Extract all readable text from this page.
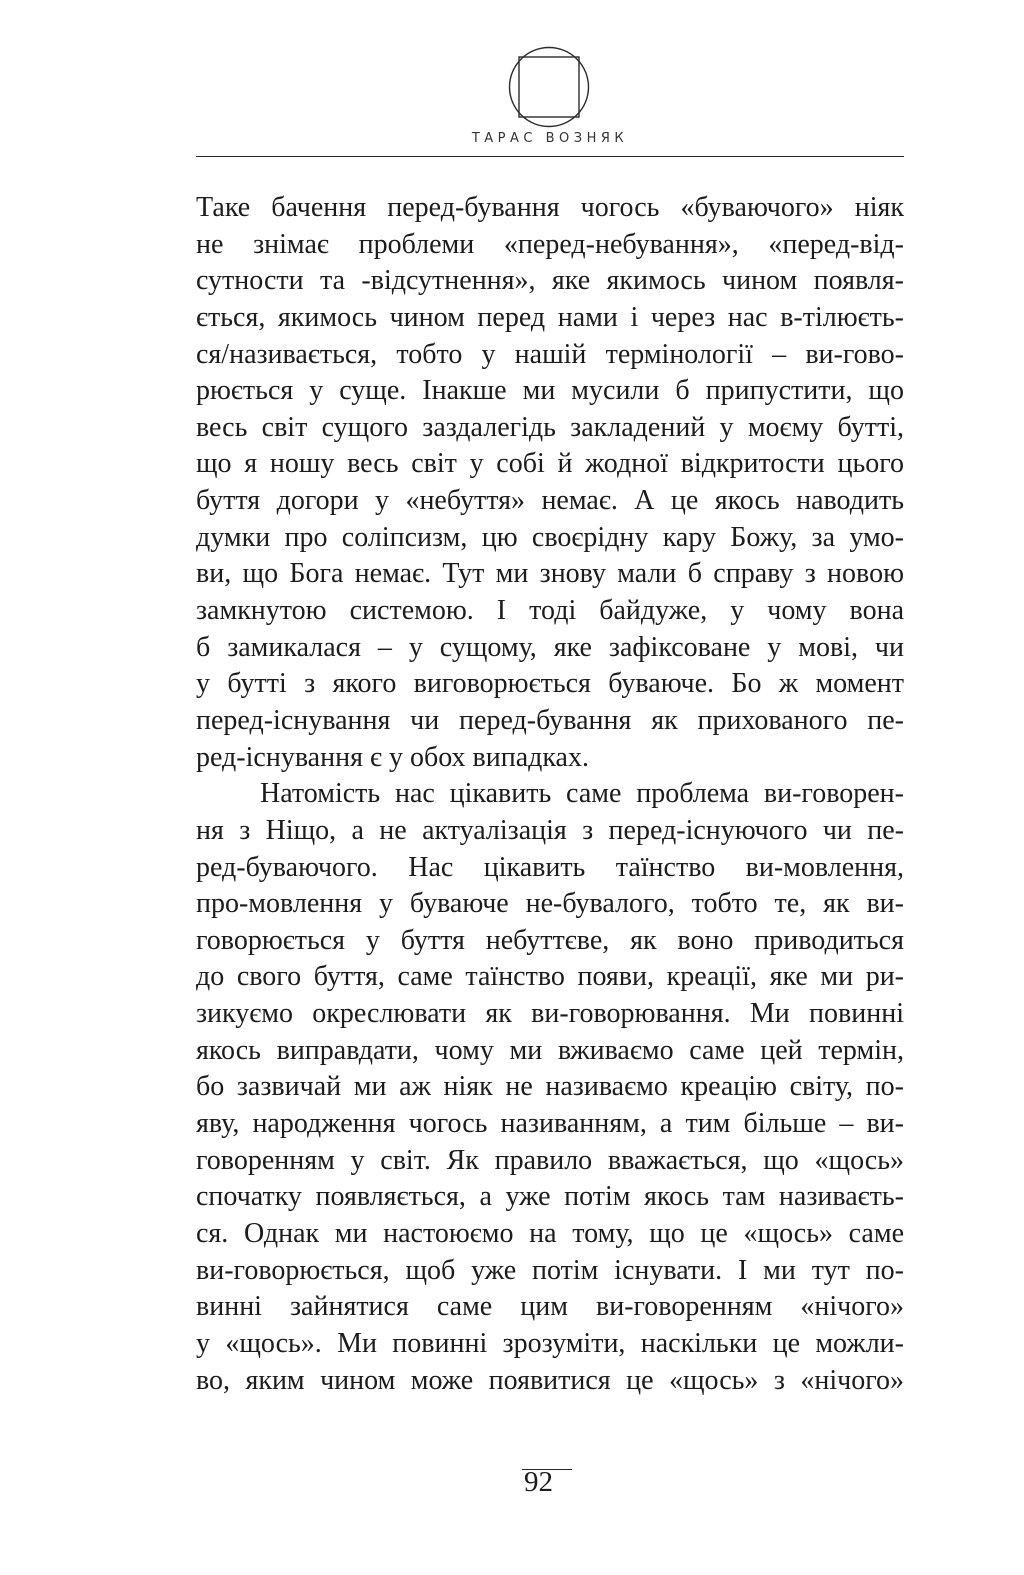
ТАРАС ВОЗНЯК
Таке бачення перед-бування чогось «буваючого» ніяк
не знімає проблеми «перед-небування», «перед-від-
сутности та -відсутнення», яке якимось чином появля-
ється, якимось чином перед нами і через нас в-тілюєть-
ся/називається, тобто у нашій термінології – ви-гово-
рюється у суще. Інакше ми мусили б припустити, що
весь світ сущого заздалегідь закладений у моєму бутті,
що я ношу весь світ у собі й жодної відкритости цього
буття догори у «небуття» немає. А це якось наводить
думки про соліпсизм, цю своєрідну кару Божу, за умо-
ви, що Бога немає. Тут ми знову мали б справу з новою
замкнутою системою. І тоді байдуже, у чому вона
б замикалася – у сущому, яке зафіксоване у мові, чи
у бутті з якого виговорюється буваюче. Бо ж момент
перед-існування чи перед-бування як прихованого пе-
ред-існування є у обох випадках.
Натомість нас цікавить саме проблема ви-говорен-
ня з Ніщо, а не актуалізація з перед-існуючого чи пе-
ред-буваючого. Нас цікавить таїнство ви-мовлення,
про-мовлення у буваюче не-бувалого, тобто те, як ви-
говорюється у буття небуттєве, як воно приводиться
до свого буття, саме таїнство появи, креації, яке ми ри-
зикуємо окреслювати як ви-говорювання. Ми повинні
якось виправдати, чому ми вживаємо саме цей термін,
бо зазвичай ми аж ніяк не називаємо креацію світу, по-
яву, народження чогось називанням, а тим більше – ви-
говоренням у світ. Як правило вважається, що «щось»
спочатку появляється, а уже потім якось там називаєть-
ся. Однак ми настоюємо на тому, що це «щось» саме
ви-говорюється, щоб уже потім існувати. І ми тут по-
винні зайнятися саме цим ви-говоренням «нічого»
у «щось». Ми повинні зрозуміти, наскільки це можли-
во, яким чином може появитися це «щось» з «нічого»
92
